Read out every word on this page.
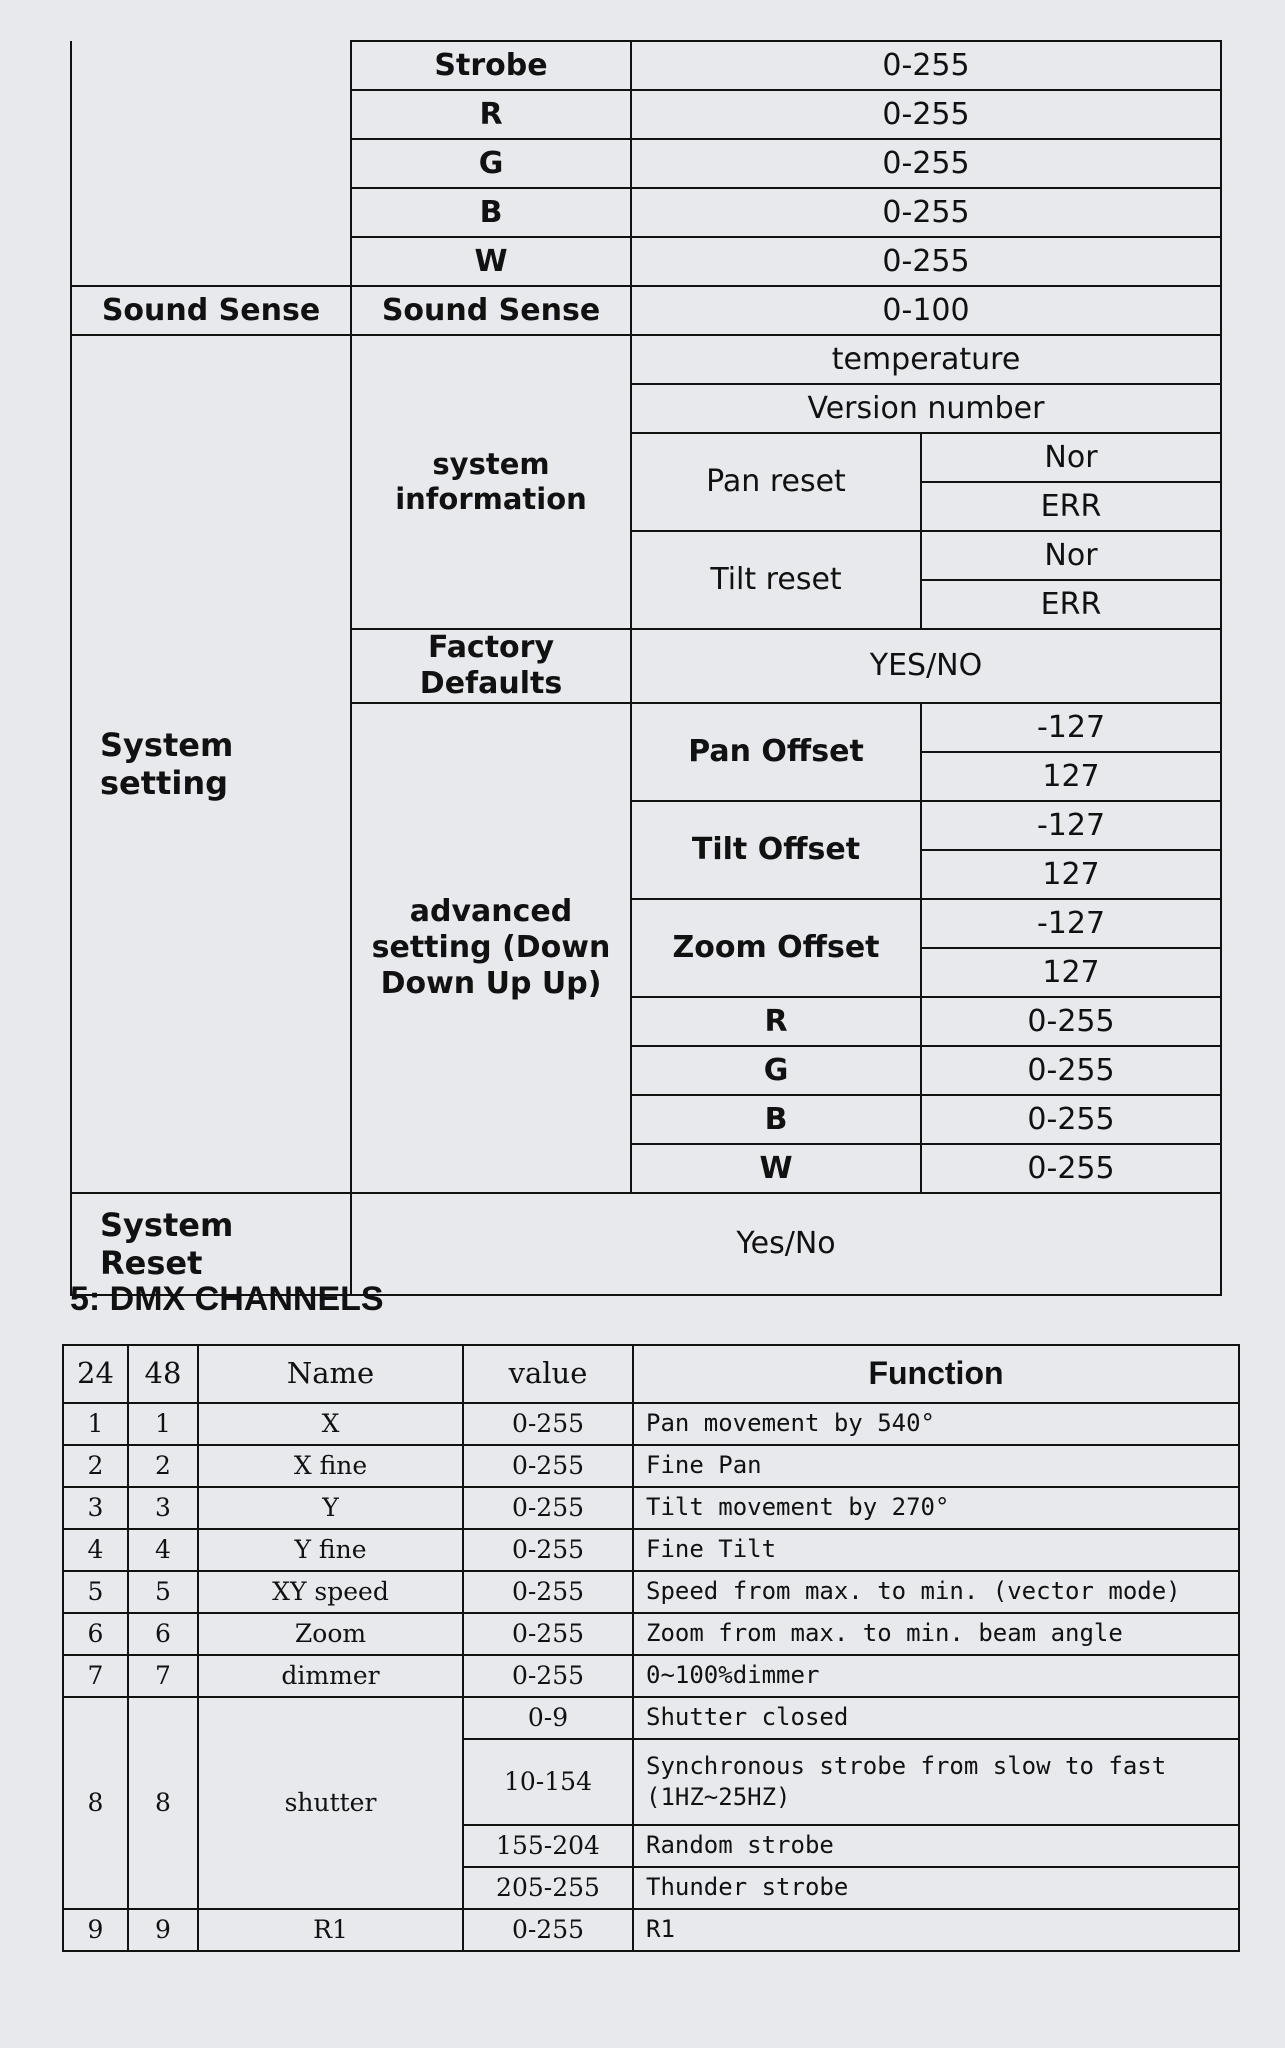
	Strobe	0-255	
	R	0-255	
	G	0-255	
	B	0-255	
	W	0-255	
Sound Sense	Sound Sense	0-100	
System setting	system information	temperature	
		Version number	
		Pan reset	Nor
			ERR
		Tilt reset	Nor
			ERR
	Factory Defaults	YES/NO	
	advanced setting (Down Down Up Up)	Pan Offset	-127
			127
		Tilt Offset	-127
			127
		Zoom Offset	-127
			127
		R	0-255
		G	0-255
		B	0-255
		W	0-255
System Reset	Yes/No		
5: DMX CHANNELS
24	48	Name	value	Function
1	1	X	0-255	Pan movement by 540°
2	2	X fine	0-255	Fine Pan
3	3	Y	0-255	Tilt movement by 270°
4	4	Y fine	0-255	Fine Tilt
5	5	XY speed	0-255	Speed from max. to min. (vector mode)
6	6	Zoom	0-255	Zoom from max. to min. beam angle
7	7	dimmer	0-255	0~100%dimmer
8	8	shutter	0-9	Shutter closed
			10-154	Synchronous strobe from slow to fast (1HZ~25HZ)
			155-204	Random strobe
			205-255	Thunder strobe
9	9	R1	0-255	R1
